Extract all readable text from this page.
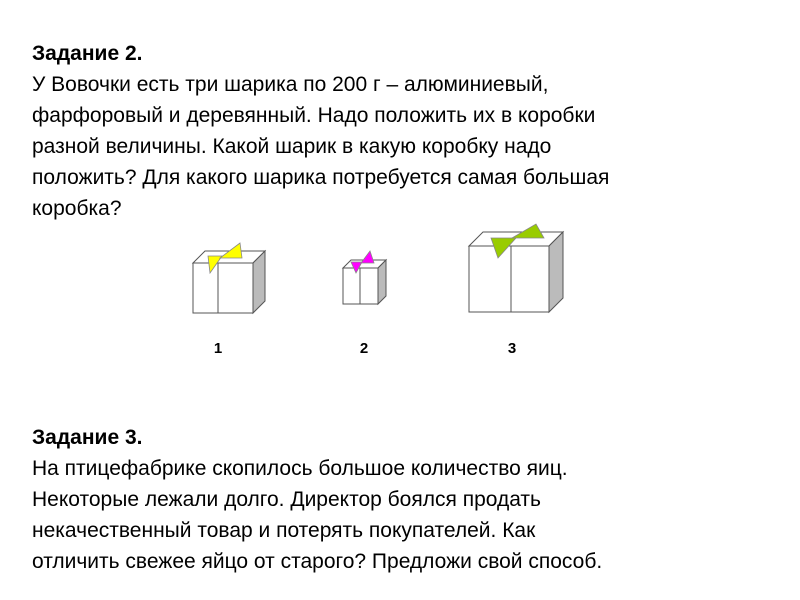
Задание 2.
У Вовочки есть три шарика по 200 г – алюминиевый,
фарфоровый и деревянный. Надо положить их в коробки
разной величины. Какой шарик в какую коробку надо
положить? Для какого шарика потребуется самая большая
коробка?
1	2	3
Задание 3.
На птицефабрике скопилось большое количество яиц.
Некоторые лежали долго. Директор боялся продать
некачественный товар и потерять покупателей. Как
отличить свежее яйцо от старого? Предложи свой способ.
